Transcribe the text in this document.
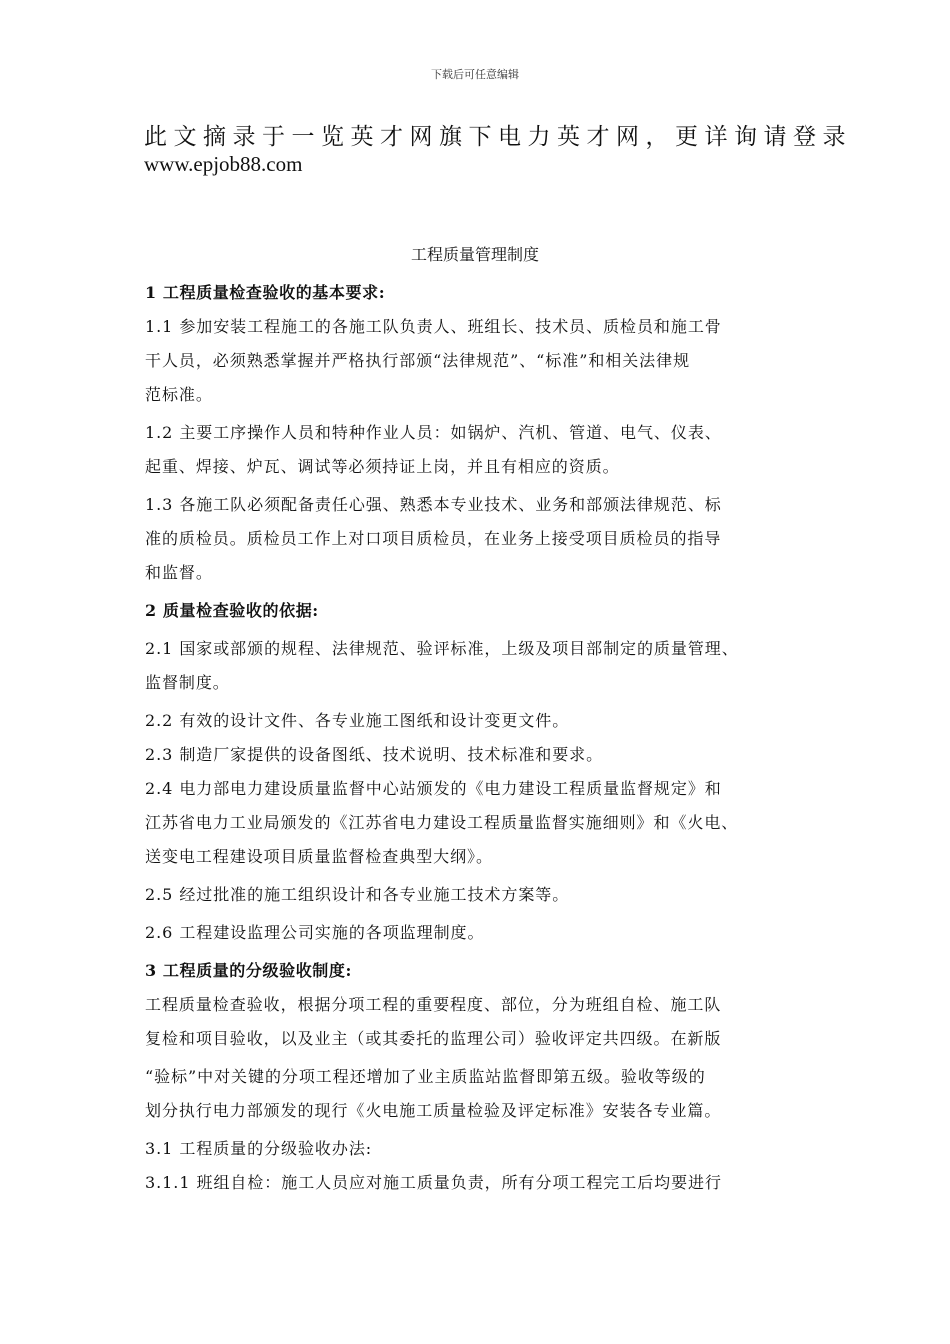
下载后可任意编辑
此文摘录于一览英才网旗下电力英才网，更详询请登录
www.epjob88.com
工程质量管理制度
1 工程质量检查验收的基本要求:
1.1 参加安装工程施工的各施工队负责人、班组长、技术员、质检员和施工骨
干人员，必须熟悉掌握并严格执行部颁“法律规范”、“标准”和相关法律规
范标准。
1.2 主要工序操作人员和特种作业人员：如锅炉、汽机、管道、电气、仪表、
起重、焊接、炉瓦、调试等必须持证上岗，并且有相应的资质。
1.3 各施工队必须配备责任心强、熟悉本专业技术、业务和部颁法律规范、标
准的质检员。质检员工作上对口项目质检员，在业务上接受项目质检员的指导
和监督。
2 质量检查验收的依据:
2.1 国家或部颁的规程、法律规范、验评标准，上级及项目部制定的质量管理、
监督制度。
2.2 有效的设计文件、各专业施工图纸和设计变更文件。
2.3 制造厂家提供的设备图纸、技术说明、技术标准和要求。
2.4 电力部电力建设质量监督中心站颁发的《电力建设工程质量监督规定》和
江苏省电力工业局颁发的《江苏省电力建设工程质量监督实施细则》和《火电、
送变电工程建设项目质量监督检查典型大纲》。
2.5 经过批准的施工组织设计和各专业施工技术方案等。
2.6 工程建设监理公司实施的各项监理制度。
3 工程质量的分级验收制度:
工程质量检查验收，根据分项工程的重要程度、部位，分为班组自检、施工队
复检和项目验收，以及业主（或其委托的监理公司）验收评定共四级。在新版
“验标”中对关键的分项工程还增加了业主质监站监督即第五级。验收等级的
划分执行电力部颁发的现行《火电施工质量检验及评定标准》安装各专业篇。
3.1 工程质量的分级验收办法:
3.1.1 班组自检：施工人员应对施工质量负责，所有分项工程完工后均要进行
